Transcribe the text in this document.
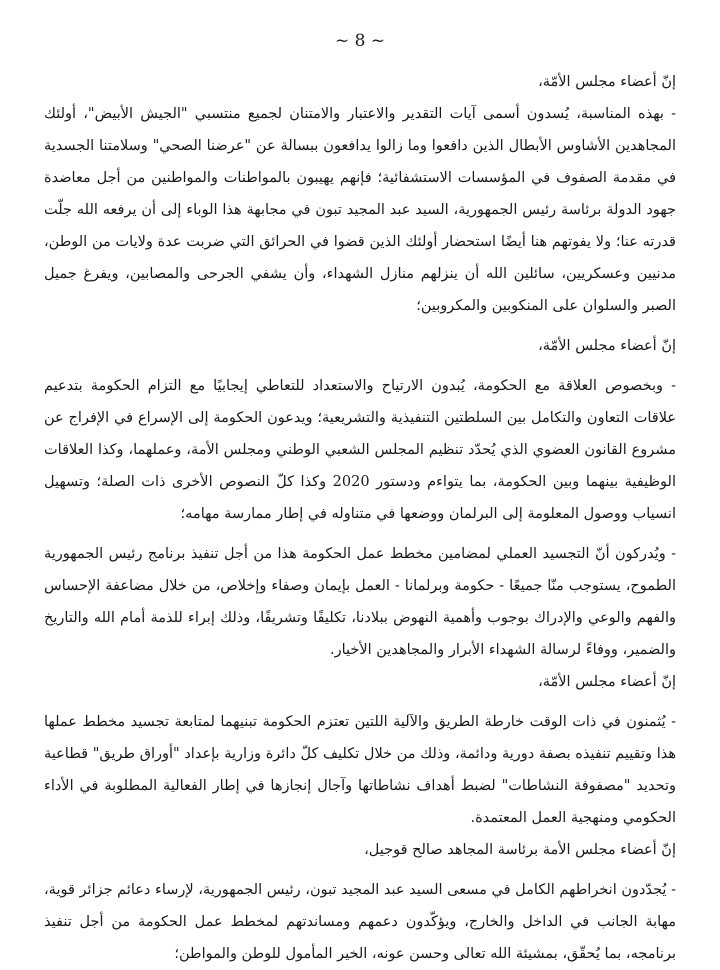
~ 8 ~

إنّ أعضاء مجلس الأمّة،

- بهذه المناسبة، يُسدون أسمى آيات التقدير والاعتبار والامتنان لجميع منتسبي "الجيش الأبيض"، أولئك المجاهدين الأشاوس الأبطال الذين دافعوا وما زالوا يدافعون ببسالة عن "عرضنا الصحي" وسلامتنا الجسدية في مقدمة الصفوف في المؤسسات الاستشفائية؛ فإنهم يهيبون بالمواطنات والمواطنين من أجل معاضدة جهود الدولة برئاسة رئيس الجمهورية، السيد عبد المجيد تبون في مجابهة هذا الوباء إلى أن يرفعه الله جلّت قدرته عنا؛ ولا يفوتهم هنا أيضًا استحضار أولئك الذين قضوا في الحرائق التي ضربت عدة ولايات من الوطن، مدنيين وعسكريين، سائلين الله أن ينزلهم منازل الشهداء، وأن يشفي الجرحى والمصابين، ويفرغ جميل الصبر والسلوان على المنكوبين والمكروبين؛

إنّ أعضاء مجلس الأمّة،

- وبخصوص العلاقة مع الحكومة، يُبدون الارتياح والاستعداد للتعاطي إيجابيًا مع التزام الحكومة بتدعيم علاقات التعاون والتكامل بين السلطتين التنفيذية والتشريعية؛ ويدعون الحكومة إلى الإسراع في الإفراج عن مشروع القانون العضوي الذي يُحدّد تنظيم المجلس الشعبي الوطني ومجلس الأمة، وعملهما، وكذا العلاقات الوظيفية بينهما وبين الحكومة، بما يتواءم ودستور 2020 وكذا كلّ النصوص الأخرى ذات الصلة؛ وتسهيل انسياب ووصول المعلومة إلى البرلمان ووضعها في متناوله في إطار ممارسة مهامه؛

- ويُدركون أنّ التجسيد العملي لمضامين مخطط عمل الحكومة هذا من أجل تنفيذ برنامج رئيس الجمهورية الطموح، يستوجب منّا جميعًا - حكومة وبرلمانا - العمل بإيمان وصفاء وإخلاص، من خلال مضاعفة الإحساس والفهم والوعي والإدراك بوجوب وأهمية النهوض ببلادنا، تكليفًا وتشريفًا، وذلك إبراء للذمة أمام الله والتاريخ والضمير، ووفاءً لرسالة الشهداء الأبرار والمجاهدين الأخيار.

إنّ أعضاء مجلس الأمّة،

- يُثمنون في ذات الوقت خارطة الطريق والآلية اللتين تعتزم الحكومة تبنيهما لمتابعة تجسيد مخطط عملها هذا وتقييم تنفيذه بصفة دورية ودائمة، وذلك من خلال تكليف كلّ دائرة وزارية بإعداد "أوراق طريق" قطاعية وتحديد "مصفوفة النشاطات" لضبط أهداف نشاطاتها وآجال إنجازها في إطار الفعالية المطلوبة في الأداء الحكومي ومنهجية العمل المعتمدة.

إنّ أعضاء مجلس الأمة برئاسة المجاهد صالح قوجيل،

- يُجدّدون انخراطهم الكامل في مسعى السيد عبد المجيد تبون، رئيس الجمهورية، لإرساء دعائم جزائر قوية، مهابة الجانب في الداخل والخارج، ويؤكّدون دعمهم ومساندتهم لمخطط عمل الحكومة من أجل تنفيذ برنامجه، بما يُحقّق، بمشيئة الله تعالى وحسن عونه، الخير المأمول للوطن والمواطن؛
